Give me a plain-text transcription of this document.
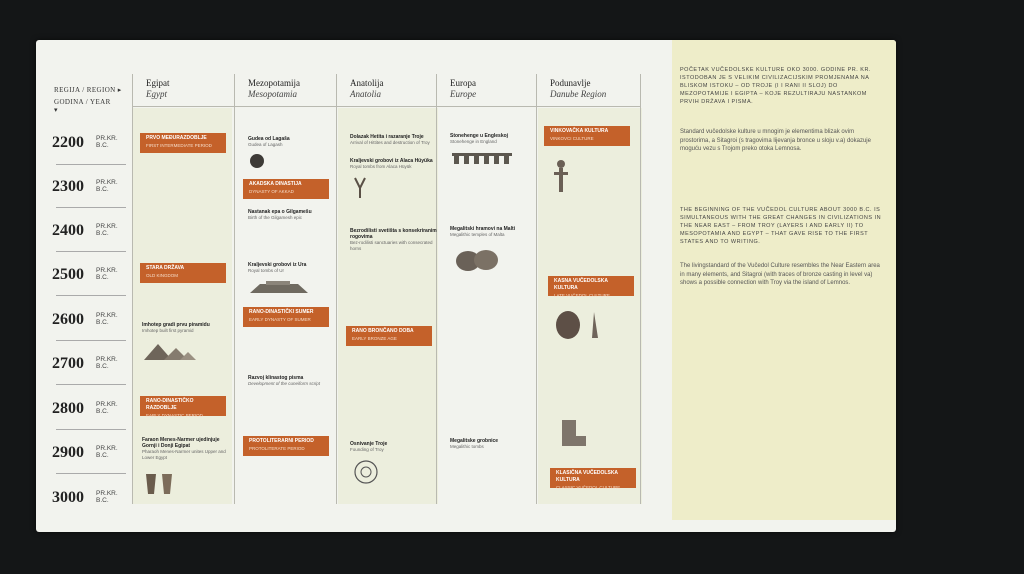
REGIJA / REGION ▸
GODINA / YEAR
▾
Egipat
Egypt
Mezopotamija
Mesopotamia
Anatolija
Anatolia
Europa
Europe
Podunavlje
Danube Region
2200 PR.KR.
B.C.
2300 PR.KR.
B.C.
2400 PR.KR.
B.C.
2500 PR.KR.
B.C.
2600 PR.KR.
B.C.
2700 PR.KR.
B.C.
2800 PR.KR.
B.C.
2900 PR.KR.
B.C.
3000 PR.KR.
B.C.
PRVO MEĐURAZDOBLJE
FIRST INTERMEDIATE PERIOD
STARA DRŽAVA
OLD KINGDOM
Imhotep gradi prvu piramidu
Imhotep built first pyramid
RANO-DINASTIČKO RAZDOBLJE
EARLY DYNASTIC PERIOD
Faraon Menes-Narmer ujedinjuje Gornji i Donji Egipat
Pharaoh Menes-Narmer unites Upper and Lower Egypt
Gudea od Lagaša
Gudea of Lagash
AKADSKA DINASTIJA
DYNASTY OF AKKAD
Nastanak epa o Gilgamešu
Birth of the Gilgamesh epic
Kraljevski grobovi iz Ura
Royal tombs of Ur
RANO-DINASTIČKI SUMER
EARLY DYNASTY OF SUMER
Razvoj klinastog pisma
Development of the cuneiform script
PROTOLITERARNI PERIOD
PROTOLITERATE PERIOD
Dolazak Hetita i razaranje Troje
Arrival of Hittites and destruction of Troy
Kraljevski grobovi iz Alaca Hüyüka
Royal tombs from Alaca Hüyük
Bezrodilisti svetišta s konsekriranim rogovima
Bez-rodilisti sanctuaries with consecrated horns
RANO BRONČANO DOBA
EARLY BRONZE AGE
Osnivanje Troje
Founding of Troy
Stonehenge u Engleskoj
Stonehenge in England
Megalitski hramovi na Malti
Megalithic temples of Malta
Megalitske grobnice
Megalithic tombs
VINKOVAČKA KULTURA
VINKOVCI CULTURE
KASNA VUČEDOLSKA KULTURA
LATE VUČEDOL CULTURE
KLASIČNA VUČEDOLSKA KULTURA
CLASSIC VUČEDOL CULTURE
POČETAK VUČEDOLSKE KULTURE OKO 3000. GODINE PR. KR. ISTODOBAN JE S VELIKIM CIVILIZACIJSKIM PROMJENAMA NA BLISKOM ISTOKU – OD TROJE (I I RANI II SLOJ) DO MEZOPOTAMIJE I EGIPTA – KOJE REZULTIRAJU NASTANKOM PRVIH DRŽAVA I PISMA.
Standard vučedolske kulture u mnogim je elementima blizak ovim prostorima, a Sitagroi (s tragovima lijevanja bronce u sloju v.a) dokazuje moguću vezu s Trojom preko otoka Lemnosa.
THE BEGINNING OF THE VUČEDOL CULTURE ABOUT 3000 B.C. IS SIMULTANEOUS WITH THE GREAT CHANGES IN CIVILIZATIONS IN THE NEAR EAST – FROM TROY (LAYERS I AND EARLY II) TO MESOPOTAMIA AND EGYPT – THAT GAVE RISE TO THE FIRST STATES AND TO WRITING.
The livingstandard of the Vučedol Culture resembles the Near Eastern area in many elements, and Sitagroi (with traces of bronze casting in level va) shows a possible connection with Troy via the island of Lemnos.
